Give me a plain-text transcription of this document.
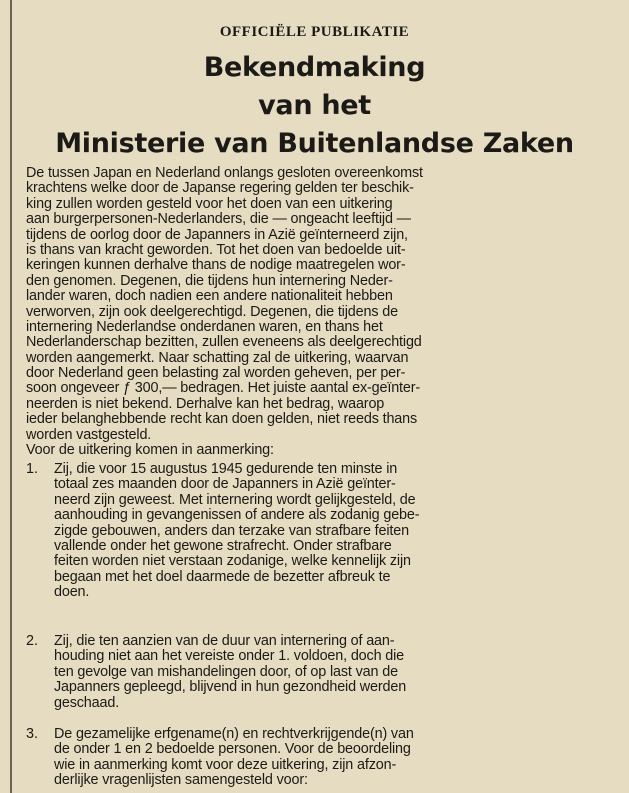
OFFICIËLE PUBLIKATIE
Bekendmaking
van het
Ministerie van Buitenlandse Zaken
De tussen Japan en Nederland onlangs gesloten overeenkomst
krachtens welke door de Japanse regering gelden ter beschik-
king zullen worden gesteld voor het doen van een uitkering
aan burgerpersonen-Nederlanders, die — ongeacht leeftijd —
tijdens de oorlog door de Japanners in Azië geïnterneerd zijn,
is thans van kracht geworden. Tot het doen van bedoelde uit-
keringen kunnen derhalve thans de nodige maatregelen wor-
den genomen. Degenen, die tijdens hun internering Neder-
lander waren, doch nadien een andere nationaliteit hebben
verworven, zijn ook deelgerechtigd. Degenen, die tijdens de
internering Nederlandse onderdanen waren, en thans het
Nederlanderschap bezitten, zullen eveneens als deelgerechtigd
worden aangemerkt. Naar schatting zal de uitkering, waarvan
door Nederland geen belasting zal worden geheven, per per-
soon ongeveer ƒ 300,— bedragen. Het juiste aantal ex-geïnter-
neerden is niet bekend. Derhalve kan het bedrag, waarop
ieder belanghebbende recht kan doen gelden, niet reeds thans
worden vastgesteld.
Voor de uitkering komen in aanmerking:
1.	Zij, die voor 15 augustus 1945 gedurende ten minste in
totaal zes maanden door de Japanners in Azië geïnter-
neerd zijn geweest. Met internering wordt gelijkgesteld, de
aanhouding in gevangenissen of andere als zodanig gebe-
zigde gebouwen, anders dan terzake van strafbare feiten
vallende onder het gewone strafrecht. Onder strafbare
feiten worden niet verstaan zodanige, welke kennelijk zijn
begaan met het doel daarmede de bezetter afbreuk te
doen.
2.	Zij, die ten aanzien van de duur van internering of aan-
houding niet aan het vereiste onder 1. voldoen, doch die
ten gevolge van mishandelingen door, of op last van de
Japanners gepleegd, blijvend in hun gezondheid werden
geschaad.
3.	De gezamelijke erfgename(n) en rechtverkrijgende(n) van
de onder 1 en 2 bedoelde personen. Voor de beoordeling
wie in aanmerking komt voor deze uitkering, zijn afzon-
derlijke vragenlijsten samengesteld voor:
